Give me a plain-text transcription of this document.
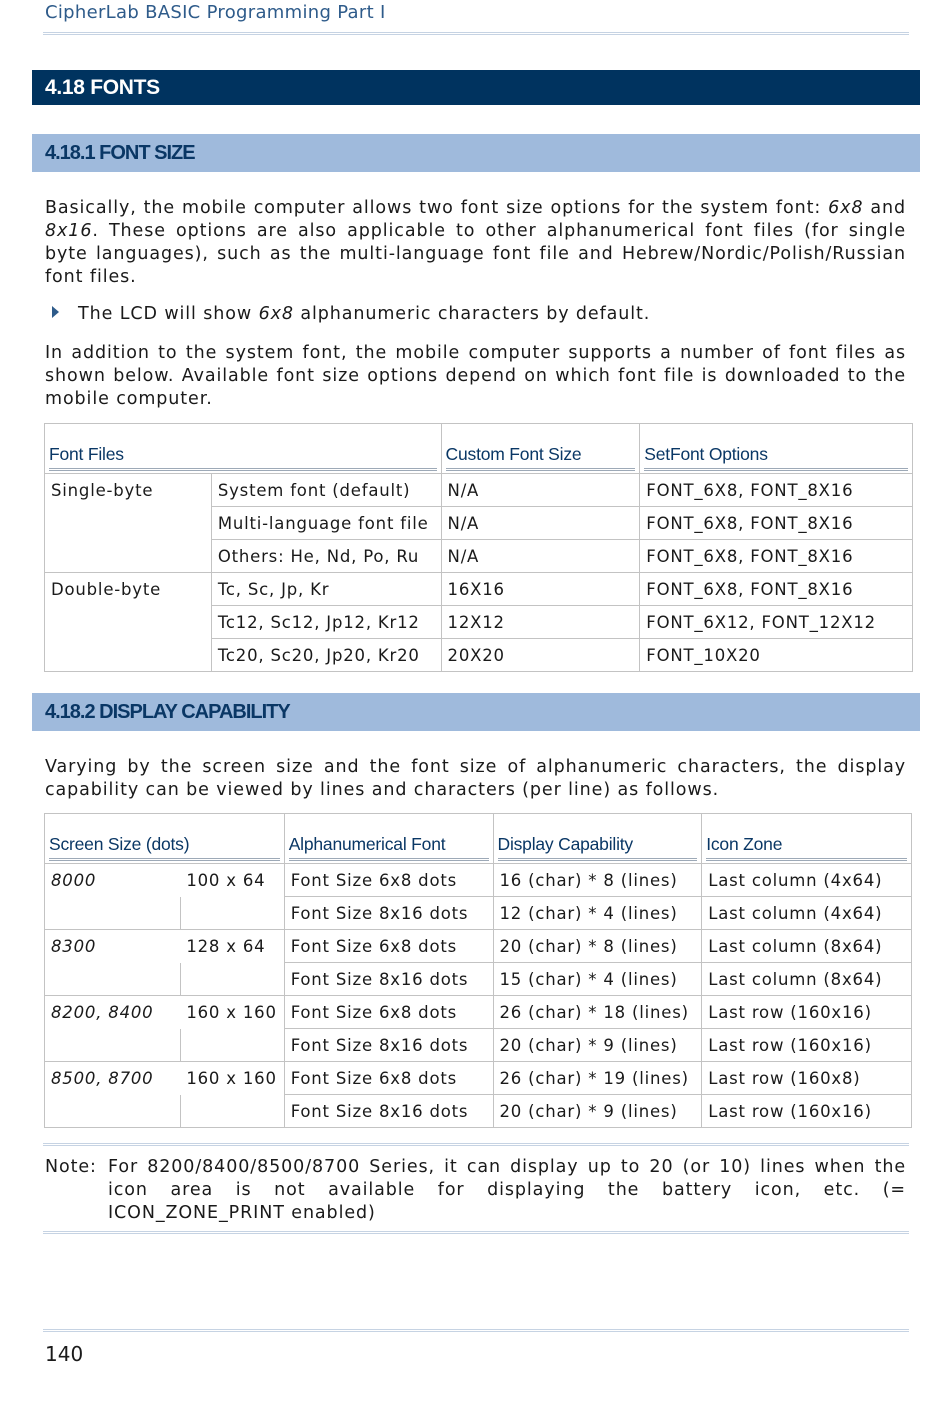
CipherLab BASIC Programming Part I
4.18 FONTS
4.18.1 FONT SIZE

Basically, the mobile computer allows two font size options for the system font: 6x8 and 8x16. These options are also applicable to other alphanumerical font files (for single byte languages), such as the multi-language font file and Hebrew/Nordic/Polish/Russian font files.

The LCD will show 6x8 alphanumeric characters by default.

In addition to the system font, the mobile computer supports a number of font files as shown below. Available font size options depend on which font file is downloaded to the mobile computer.

Font Files		Custom Font Size	SetFont Options

Single-byte	System font (default)	N/A	FONT_6X8, FONT_8X16
	Multi-language font file	N/A	FONT_6X8, FONT_8X16
	Others: He, Nd, Po, Ru	N/A	FONT_6X8, FONT_8X16
Double-byte	Tc, Sc, Jp, Kr	16X16	FONT_6X8, FONT_8X16
	Tc12, Sc12, Jp12, Kr12	12X12	FONT_6X12, FONT_12X12
	Tc20, Sc20, Jp20, Kr20	20X20	FONT_10X20
4.18.2 DISPLAY CAPABILITY

Varying by the screen size and the font size of alphanumeric characters, the display capability can be viewed by lines and characters (per line) as follows.

Screen Size (dots)		Alphanumerical Font	Display Capability	Icon Zone

8000	100 x 64	Font Size 6x8 dots	16 (char) * 8 (lines)	Last column (4x64)
		Font Size 8x16 dots	12 (char) * 4 (lines)	Last column (4x64)
8300	128 x 64	Font Size 6x8 dots	20 (char) * 8 (lines)	Last column (8x64)
		Font Size 8x16 dots	15 (char) * 4 (lines)	Last column (8x64)
8200, 8400	160 x 160	Font Size 6x8 dots	26 (char) * 18 (lines)	Last row (160x16)
		Font Size 8x16 dots	20 (char) * 9 (lines)	Last row (160x16)
8500, 8700	160 x 160	Font Size 6x8 dots	26 (char) * 19 (lines)	Last row (160x8)
		Font Size 8x16 dots	20 (char) * 9 (lines)	Last row (160x16)
Note: For 8200/8400/8500/8700 Series, it can display up to 20 (or 10) lines when the icon area is not available for displaying the battery icon, etc. (= ICON_ZONE_PRINT enabled)
140
